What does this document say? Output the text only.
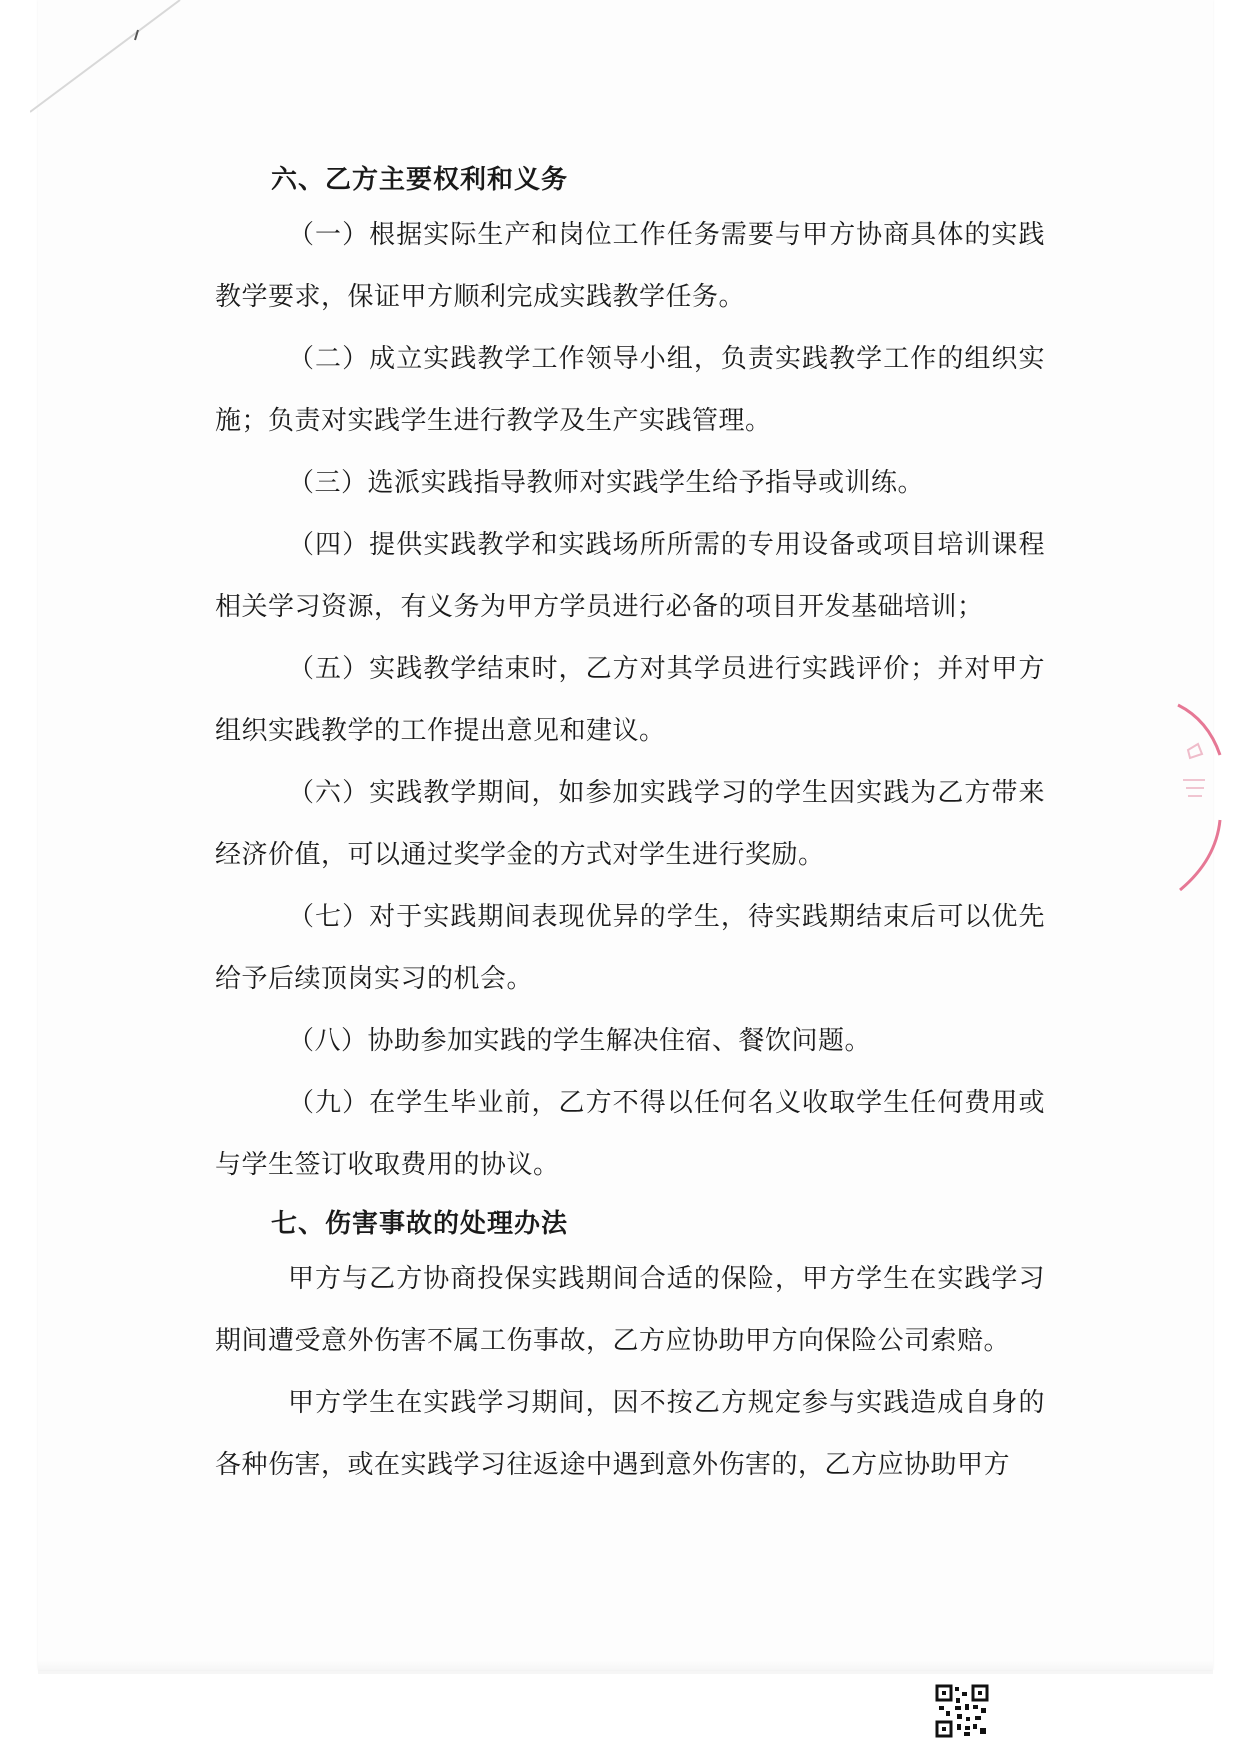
六、乙方主要权利和义务

（一）根据实际生产和岗位工作任务需要与甲方协商具体的实践教学要求，保证甲方顺利完成实践教学任务。

（二）成立实践教学工作领导小组，负责实践教学工作的组织实施；负责对实践学生进行教学及生产实践管理。

（三）选派实践指导教师对实践学生给予指导或训练。

（四）提供实践教学和实践场所所需的专用设备或项目培训课程相关学习资源，有义务为甲方学员进行必备的项目开发基础培训；

（五）实践教学结束时，乙方对其学员进行实践评价；并对甲方组织实践教学的工作提出意见和建议。

（六）实践教学期间，如参加实践学习的学生因实践为乙方带来经济价值，可以通过奖学金的方式对学生进行奖励。

（七）对于实践期间表现优异的学生，待实践期结束后可以优先给予后续顶岗实习的机会。

（八）协助参加实践的学生解决住宿、餐饮问题。

（九）在学生毕业前，乙方不得以任何名义收取学生任何费用或与学生签订收取费用的协议。

七、伤害事故的处理办法

甲方与乙方协商投保实践期间合适的保险，甲方学生在实践学习期间遭受意外伤害不属工伤事故，乙方应协助甲方向保险公司索赔。

甲方学生在实践学习期间，因不按乙方规定参与实践造成自身的各种伤害，或在实践学习往返途中遇到意外伤害的，乙方应协助甲方
